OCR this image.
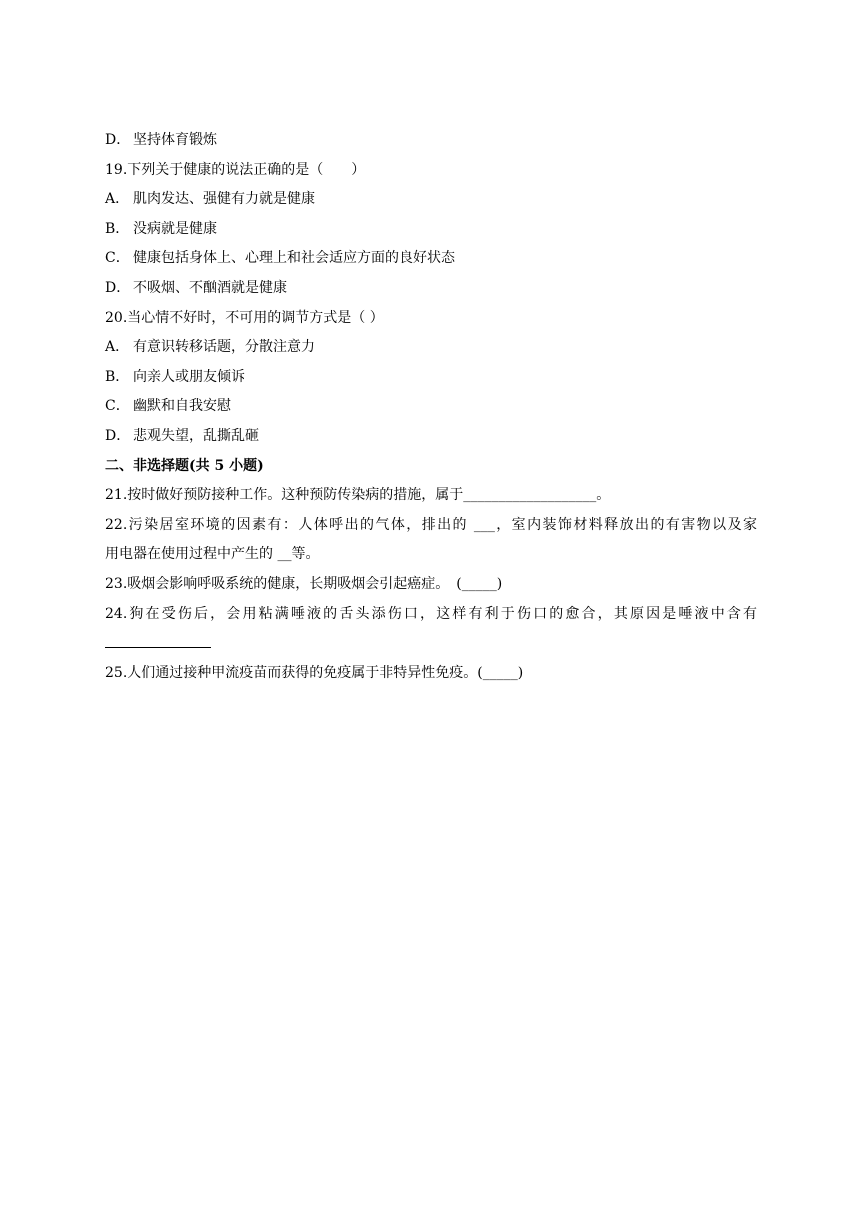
D． 坚持体育锻炼
19.下列关于健康的说法正确的是（　　）
A． 肌肉发达、强健有力就是健康
B． 没病就是健康
C． 健康包括身体上、心理上和社会适应方面的良好状态
D． 不吸烟、不酗酒就是健康
20.当心情不好时，不可用的调节方式是（ ）
A． 有意识转移话题，分散注意力
B． 向亲人或朋友倾诉
C． 幽默和自我安慰
D． 悲观失望，乱撕乱砸
二、非选择题(共 5 小题)
21.按时做好预防接种工作。这种预防传染病的措施，属于___________________。
22.污染居室环境的因素有：人体呼出的气体，排出的 ___，室内装饰材料释放出的有害物以及家
用电器在使用过程中产生的 __等。
23.吸烟会影响呼吸系统的健康，长期吸烟会引起癌症。　(_____)
24.狗在受伤后，会用粘满唾液的舌头添伤口，这样有利于伤口的愈合，其原因是唾液中含有
25.人们通过接种甲流疫苗而获得的免疫属于非特异性免疫。(_____)
